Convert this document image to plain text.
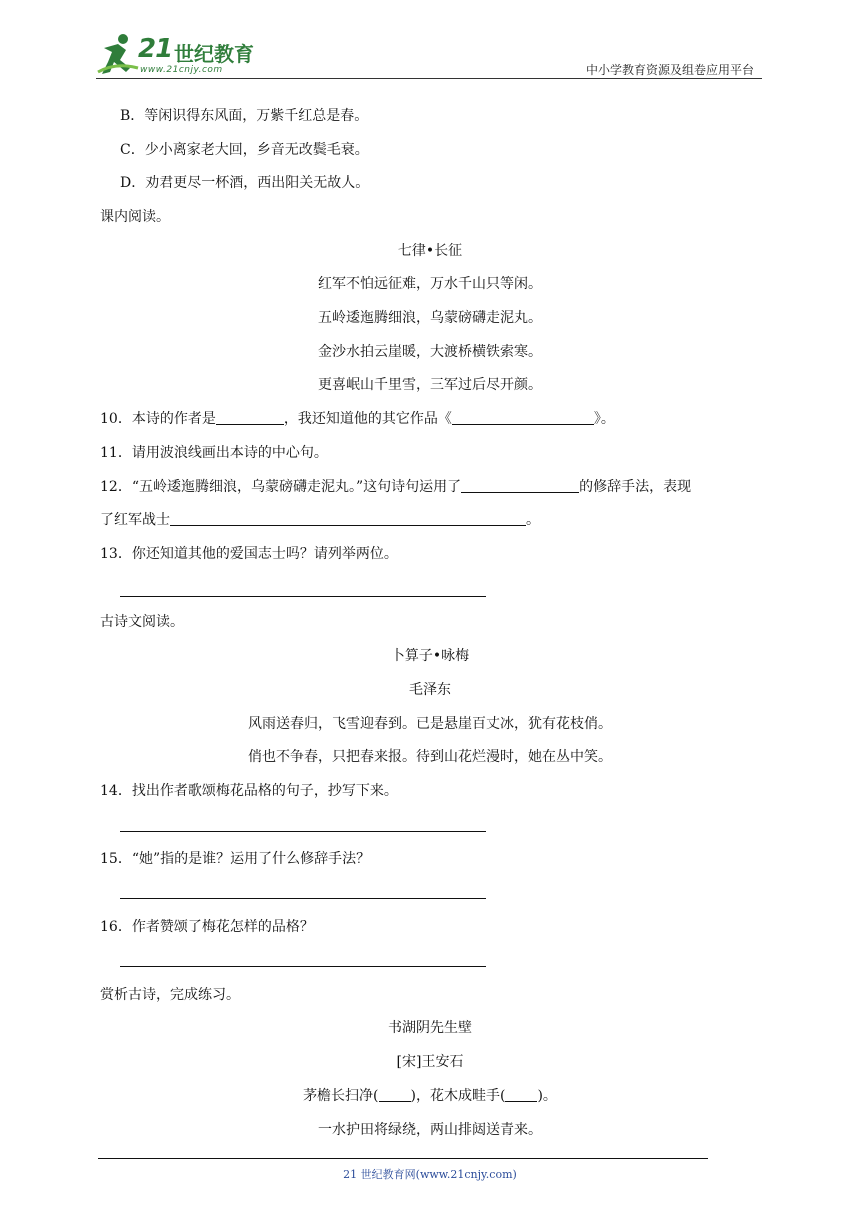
21 世纪教育
www.21cnjy.com	中小学教育资源及组卷应用平台
B．等闲识得东风面，万紫千红总是春。
C．少小离家老大回，乡音无改鬓毛衰。
D．劝君更尽一杯酒，西出阳关无故人。
课内阅读。
七律•长征
红军不怕远征难，万水千山只等闲。
五岭逶迤腾细浪，乌蒙磅礴走泥丸。
金沙水拍云崖暖，大渡桥横铁索寒。
更喜岷山千里雪，三军过后尽开颜。
10．本诗的作者是	，我还知道他的其它作品《	》。
11．请用波浪线画出本诗的中心句。
12．“五岭逶迤腾细浪，乌蒙磅礴走泥丸。”这句诗句运用了	的修辞手法，表现
了红军战士	。
13．你还知道其他的爱国志士吗？请列举两位。
古诗文阅读。
卜算子•咏梅
毛泽东
风雨送春归，飞雪迎春到。已是悬崖百丈冰，犹有花枝俏。
俏也不争春，只把春来报。待到山花烂漫时，她在丛中笑。
14．找出作者歌颂梅花品格的句子，抄写下来。
15．“她”指的是谁？运用了什么修辞手法？
16．作者赞颂了梅花怎样的品格？
赏析古诗，完成练习。
书湖阴先生壁
[宋]王安石
茅檐长扫净( )，花木成畦手( )。
一水护田将绿绕，两山排闼送青来。
21 世纪教育网(www.21cnjy.com)
